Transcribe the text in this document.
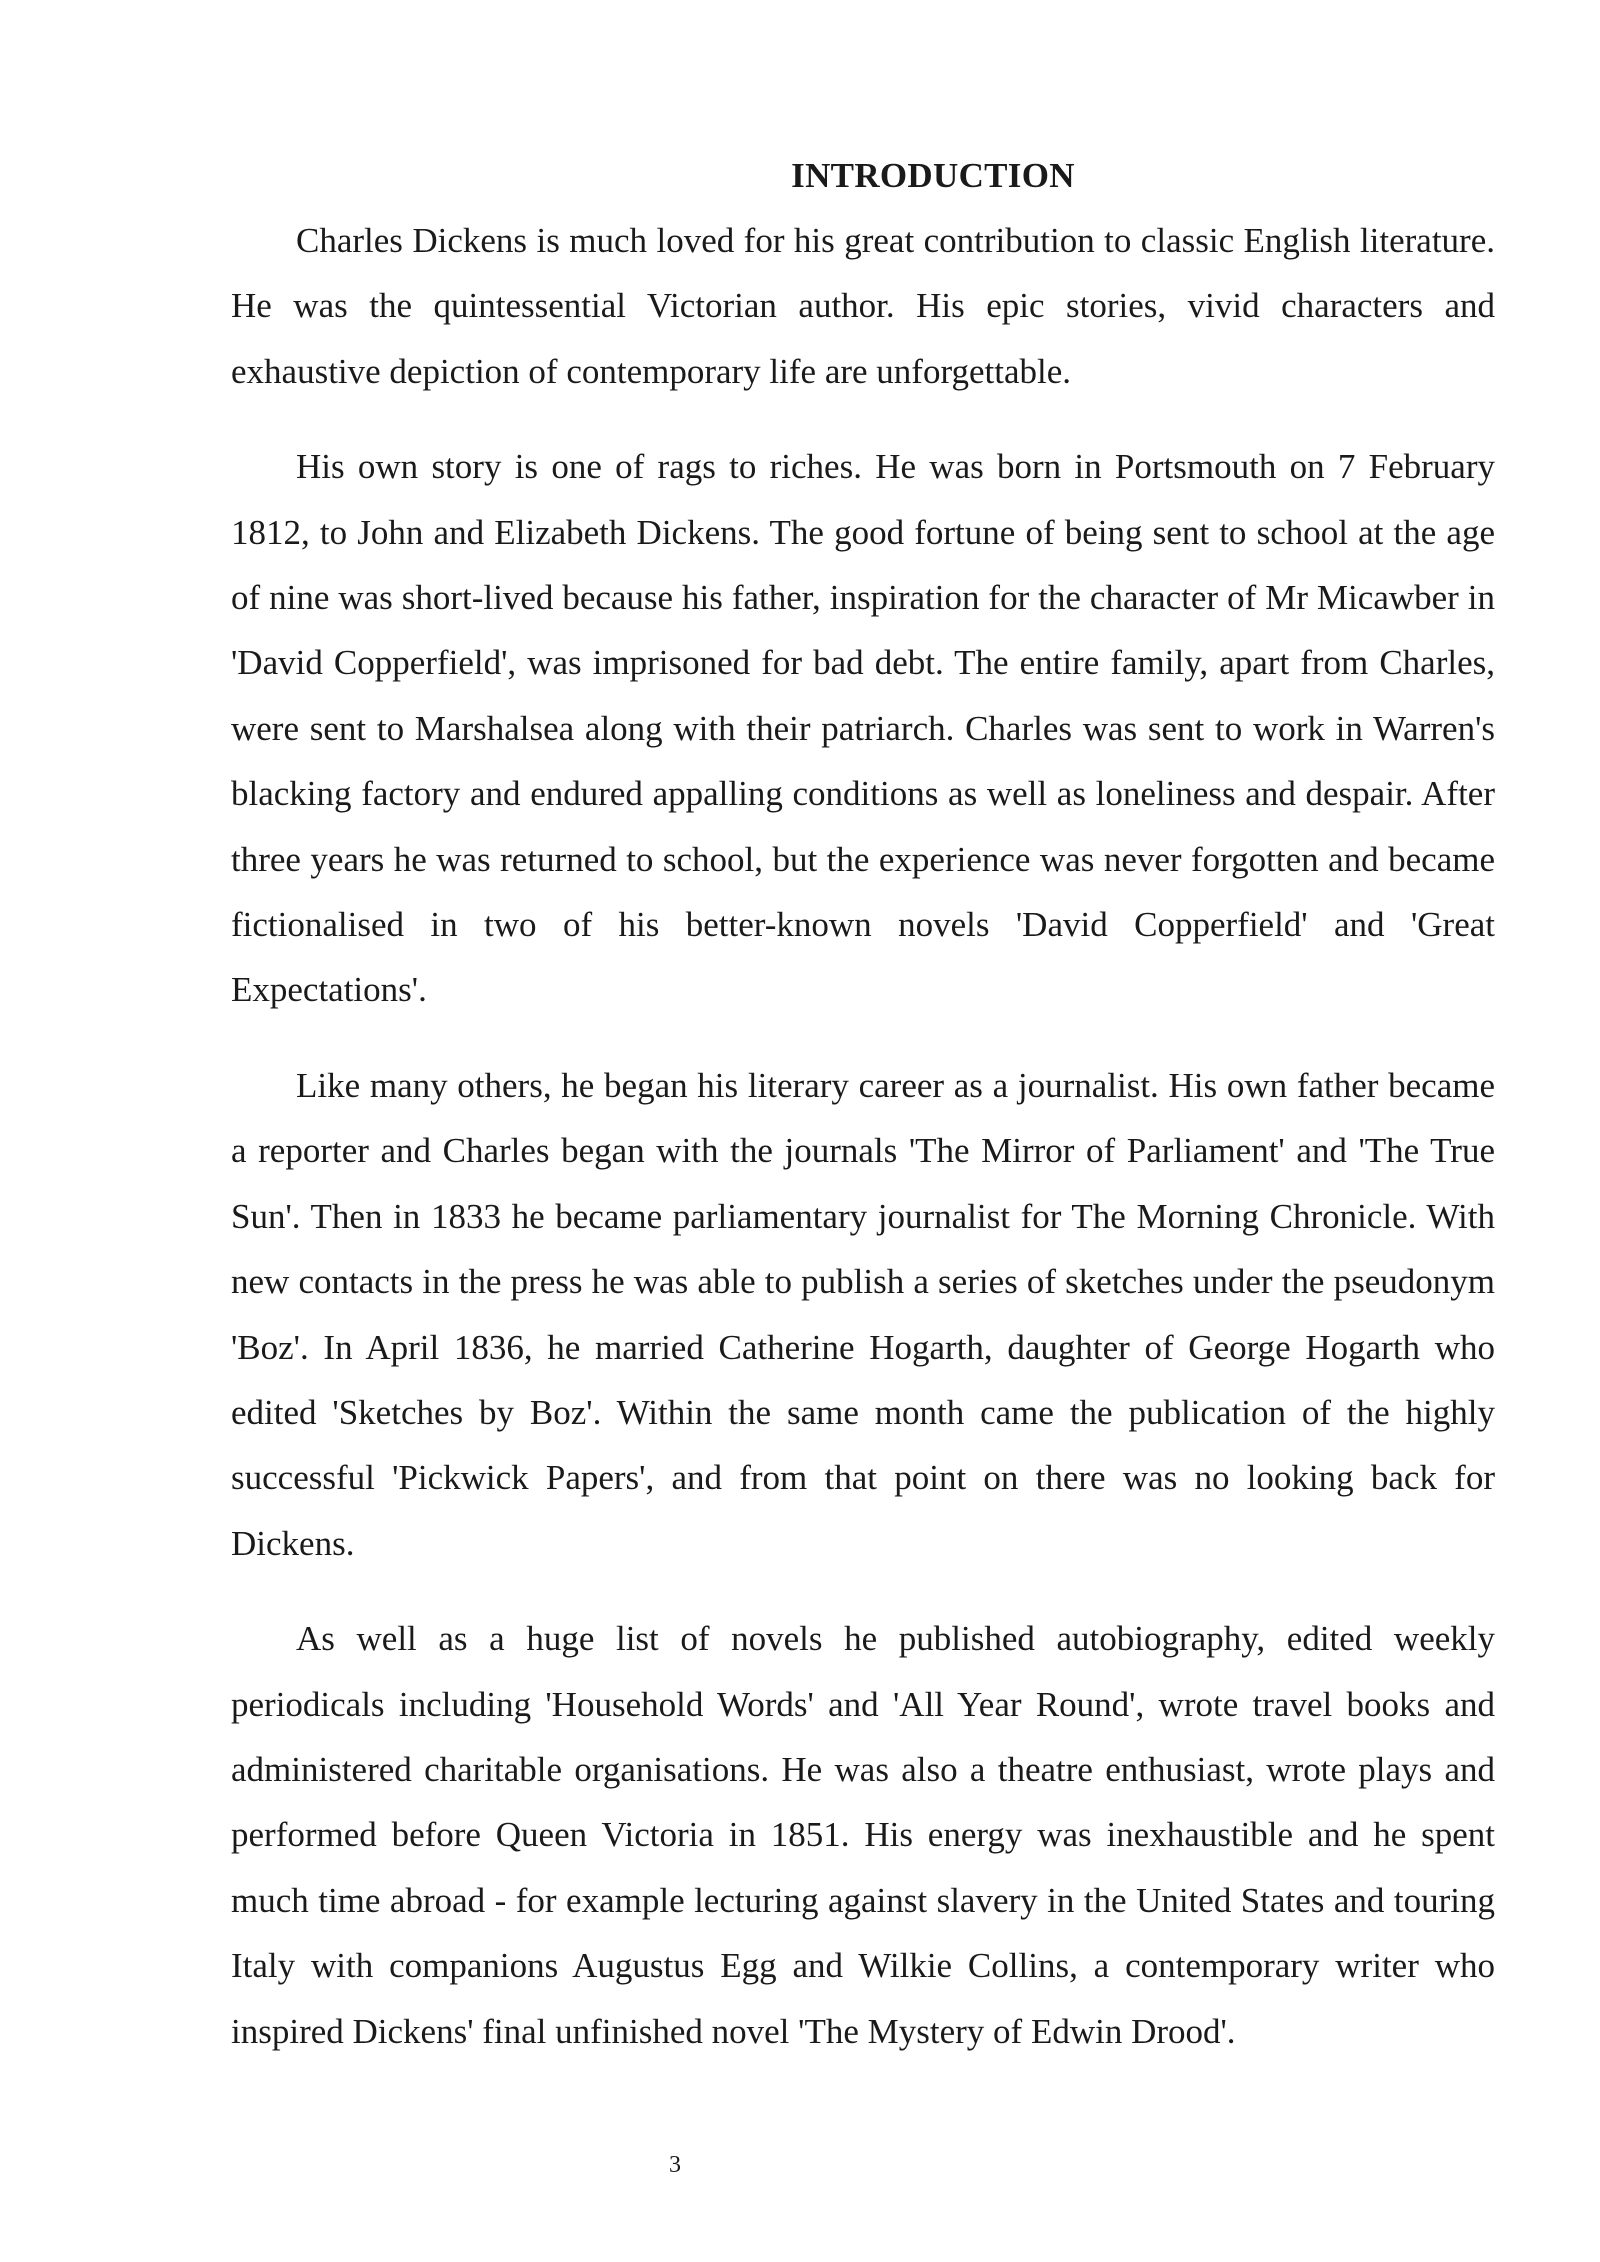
INTRODUCTION

Charles Dickens is much loved for his great contribution to classic English literature. He was the quintessential Victorian author. His epic stories, vivid characters and exhaustive depiction of contemporary life are unforgettable.

His own story is one of rags to riches. He was born in Portsmouth on 7 February 1812, to John and Elizabeth Dickens. The good fortune of being sent to school at the age of nine was short-lived because his father, inspiration for the character of Mr Micawber in 'David Copperfield', was imprisoned for bad debt. The entire family, apart from Charles, were sent to Marshalsea along with their patriarch. Charles was sent to work in Warren's blacking factory and endured appalling conditions as well as loneliness and despair. After three years he was returned to school, but the experience was never forgotten and became fictionalised in two of his better-known novels 'David Copperfield' and 'Great Expectations'.

Like many others, he began his literary career as a journalist. His own father became a reporter and Charles began with the journals 'The Mirror of Parliament' and 'The True Sun'. Then in 1833 he became parliamentary journalist for The Morning Chronicle. With new contacts in the press he was able to publish a series of sketches under the pseudonym 'Boz'. In April 1836, he married Catherine Hogarth, daughter of George Hogarth who edited 'Sketches by Boz'. Within the same month came the publication of the highly successful 'Pickwick Papers', and from that point on there was no looking back for Dickens.

As well as a huge list of novels he published autobiography, edited weekly periodicals including 'Household Words' and 'All Year Round', wrote travel books and administered charitable organisations. He was also a theatre enthusiast, wrote plays and performed before Queen Victoria in 1851. His energy was inexhaustible and he spent much time abroad - for example lecturing against slavery in the United States and touring Italy with companions Augustus Egg and Wilkie Collins, a contemporary writer who inspired Dickens' final unfinished novel 'The Mystery of Edwin Drood'.

3
